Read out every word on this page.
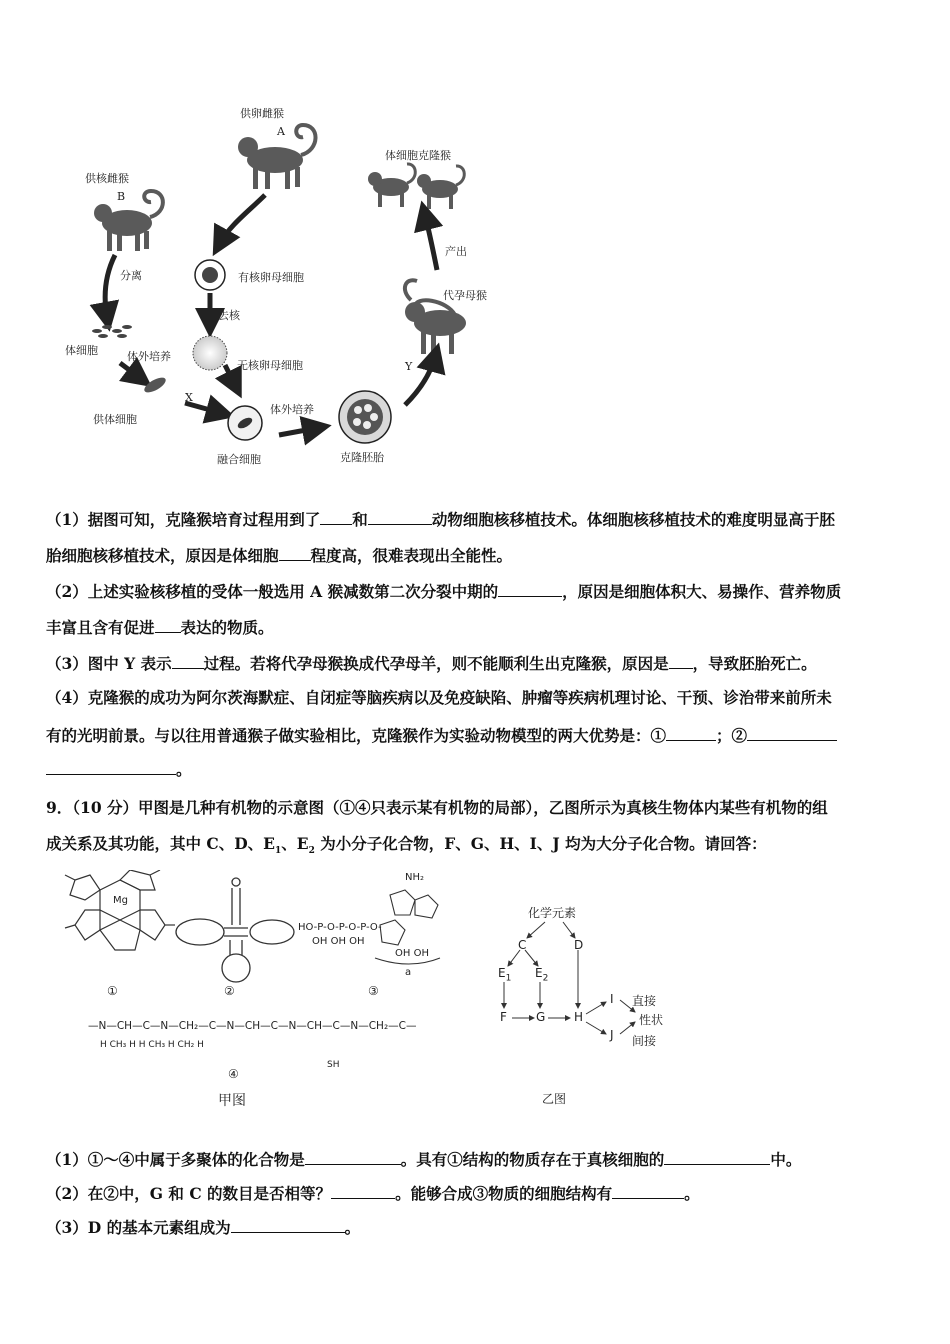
供卵雌猴
A
供核雌猴
B
分离
体细胞	体外培养
供体细胞
X
有核卵母细胞
去核
无核卵母细胞
融合细胞
体外培养
克隆胚胎
Y
代孕母猴
产出
体细胞克隆猴
（1）据图可知，克隆猴培育过程用到了 和	动物细胞核移植技术。体细胞核移植技术的难度明显高于胚
胎细胞核移植技术，原因是体细胞 程度高，很难表现出全能性。
（2）上述实验核移植的受体一般选用 A 猴减数第二次分裂中期的	，原因是细胞体积大、易操作、营养物质
丰富且含有促进 表达的物质。
（3）图中 Y 表示 过程。若将代孕母猴换成代孕母羊，则不能顺利生出克隆猴，原因是 ，导致胚胎死亡。
（4）克隆猴的成功为阿尔茨海默症、自闭症等脑疾病以及免疫缺陷、肿瘤等疾病机理讨论、干预、诊治带来前所未
有的光明前景。与以往用普通猴子做实验相比，克隆猴作为实验动物模型的两大优势是：①	；②
。
9．（10 分）甲图是几种有机物的示意图（①④只表示某有机物的局部），乙图所示为真核生物体内某些有机物的组
成关系及其功能，其中 C、D、$E_1$、$E_2$ 为小分子化合物，F、G、H、I、J 均为大分子化合物。请回答：
Mg
NH₂
HO-P-O-P-O-P-O-
OH OH OH
OH OH
a
①	②	③
—N—CH—C—N—CH₂—C—N—CH—C—N—CH—C—N—CH₂—C—
H CH₃ H H CH₃ H CH₂ H
SH
④
甲图
化学元素
C	D
$E_1$ $E_2$
F G H
I
J
直接
间接
性状
乙图
（1）①～④中属于多聚体的化合物是	。具有①结构的物质存在于真核细胞的	中。
（2）在②中，G 和 C 的数目是否相等？	。能够合成③物质的细胞结构有	。
（3）D 的基本元素组成为	。
